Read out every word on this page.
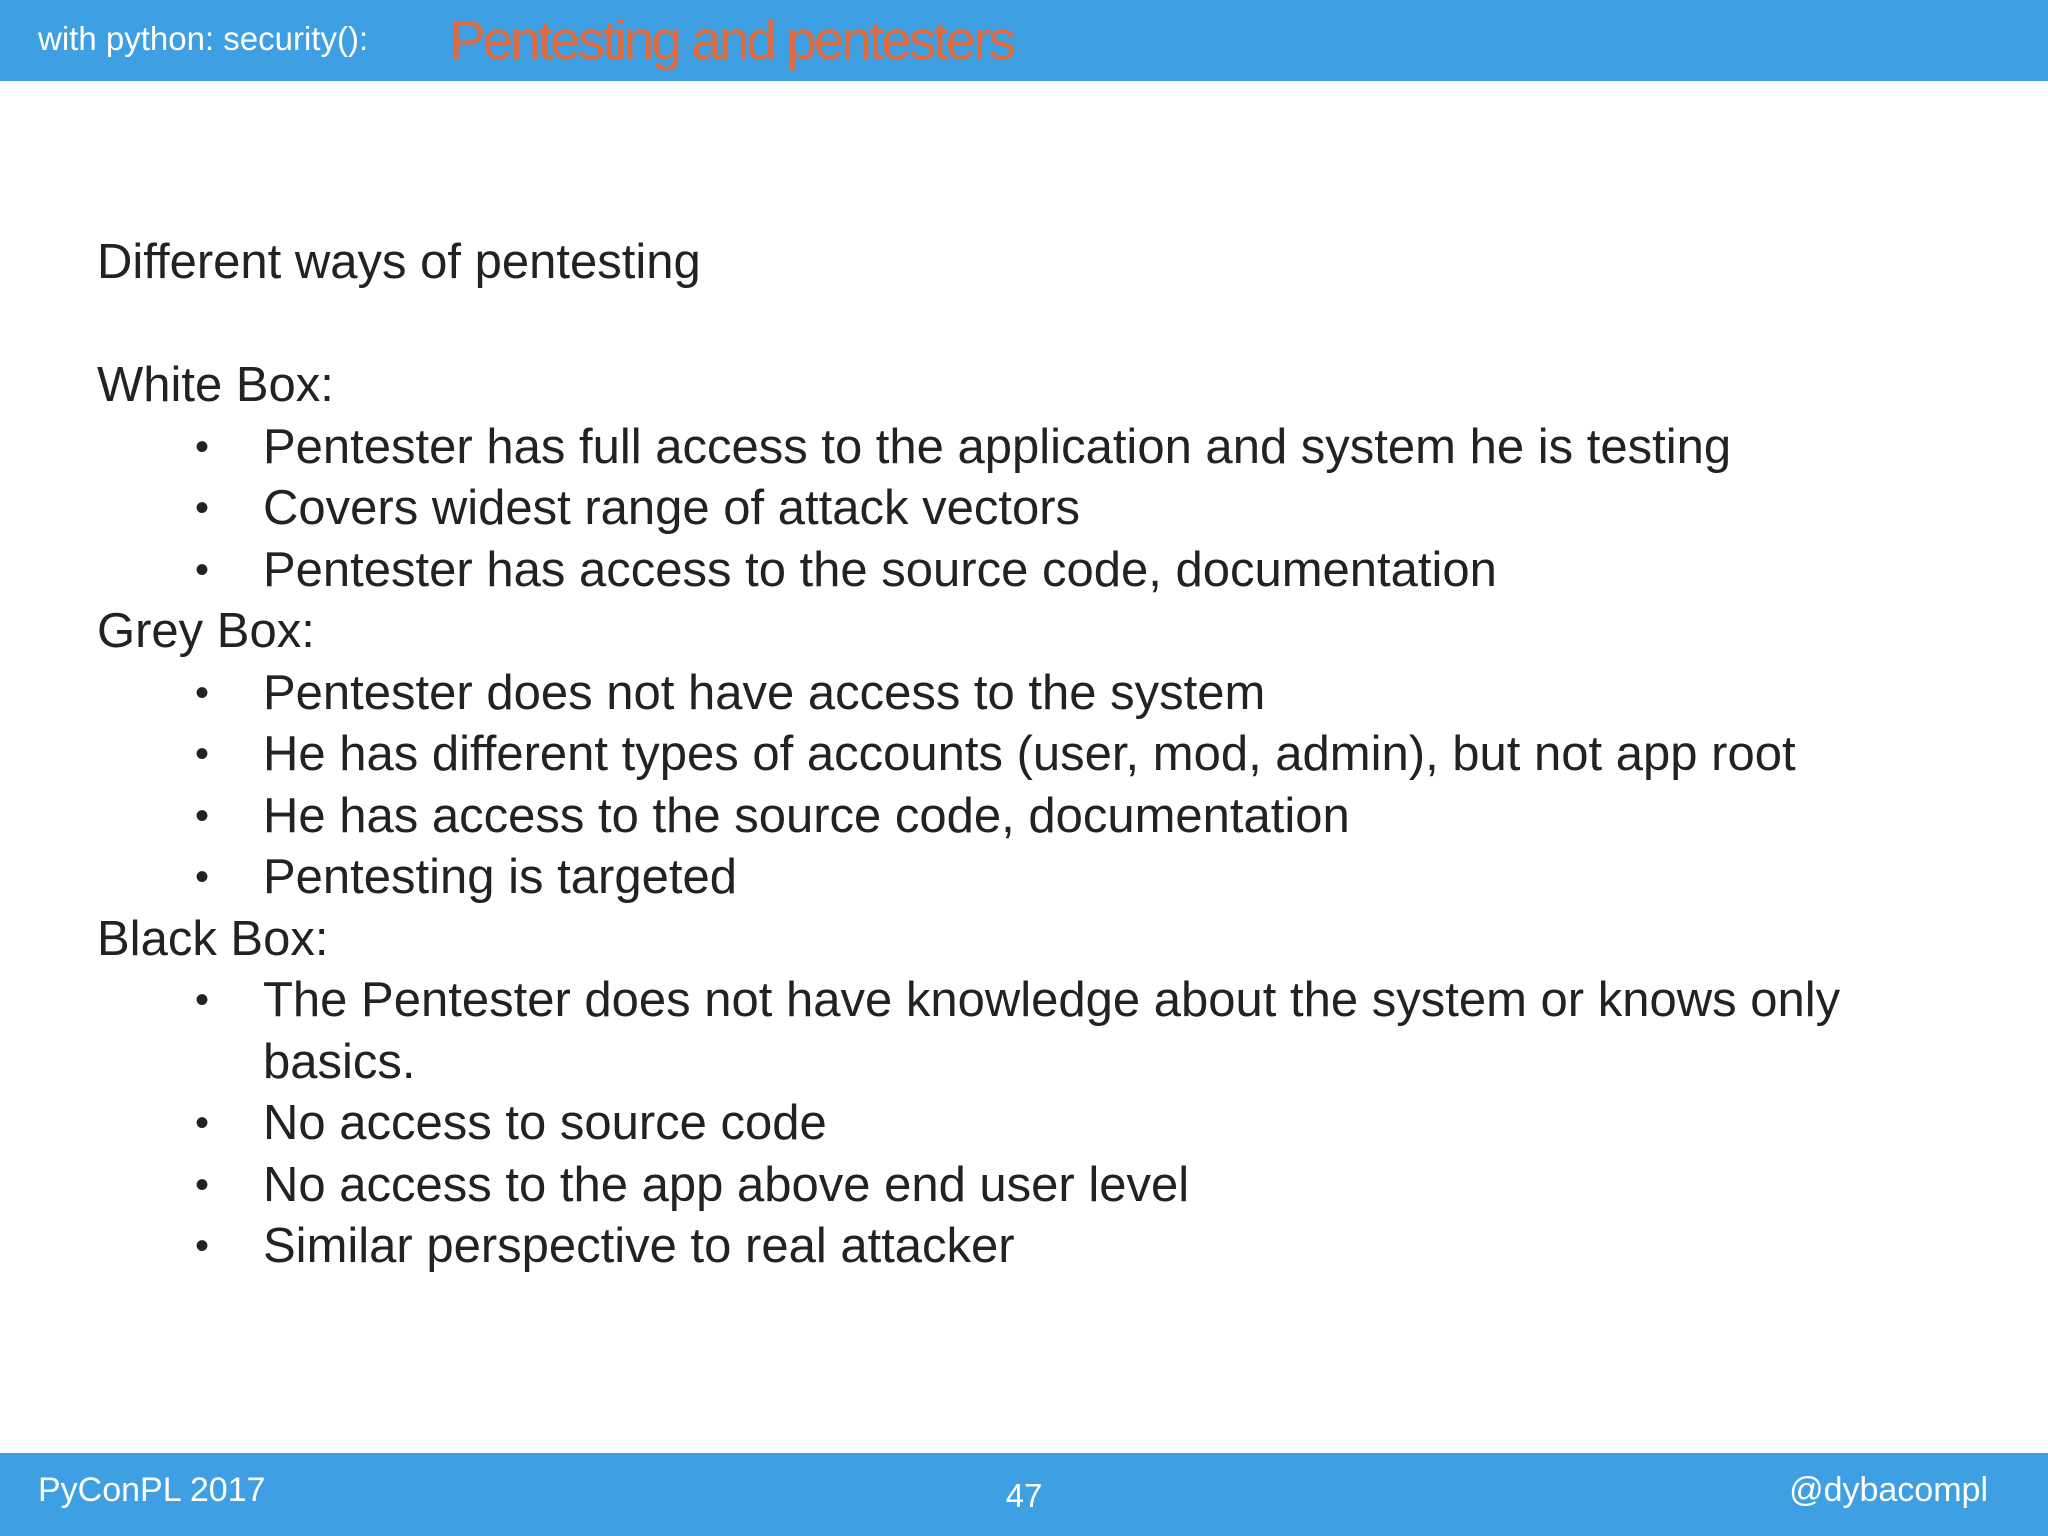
with python: security(): Pentesting and pentesters
Different ways of pentesting
White Box:
•	Pentester has full access to the application and system he is testing
•	Covers widest range of attack vectors
•	Pentester has access to the source code, documentation
Grey Box:
•	Pentester does not have access to the system
•	He has different types of accounts (user, mod, admin), but not app root
•	He has access to the source code, documentation
•	Pentesting is targeted
Black Box:
•	The Pentester does not have knowledge about the system or knows only
basics.
•	No access to source code
•	No access to the app above end user level
•	Similar perspective to real attacker
PyConPL 2017	47	@dybacompl
